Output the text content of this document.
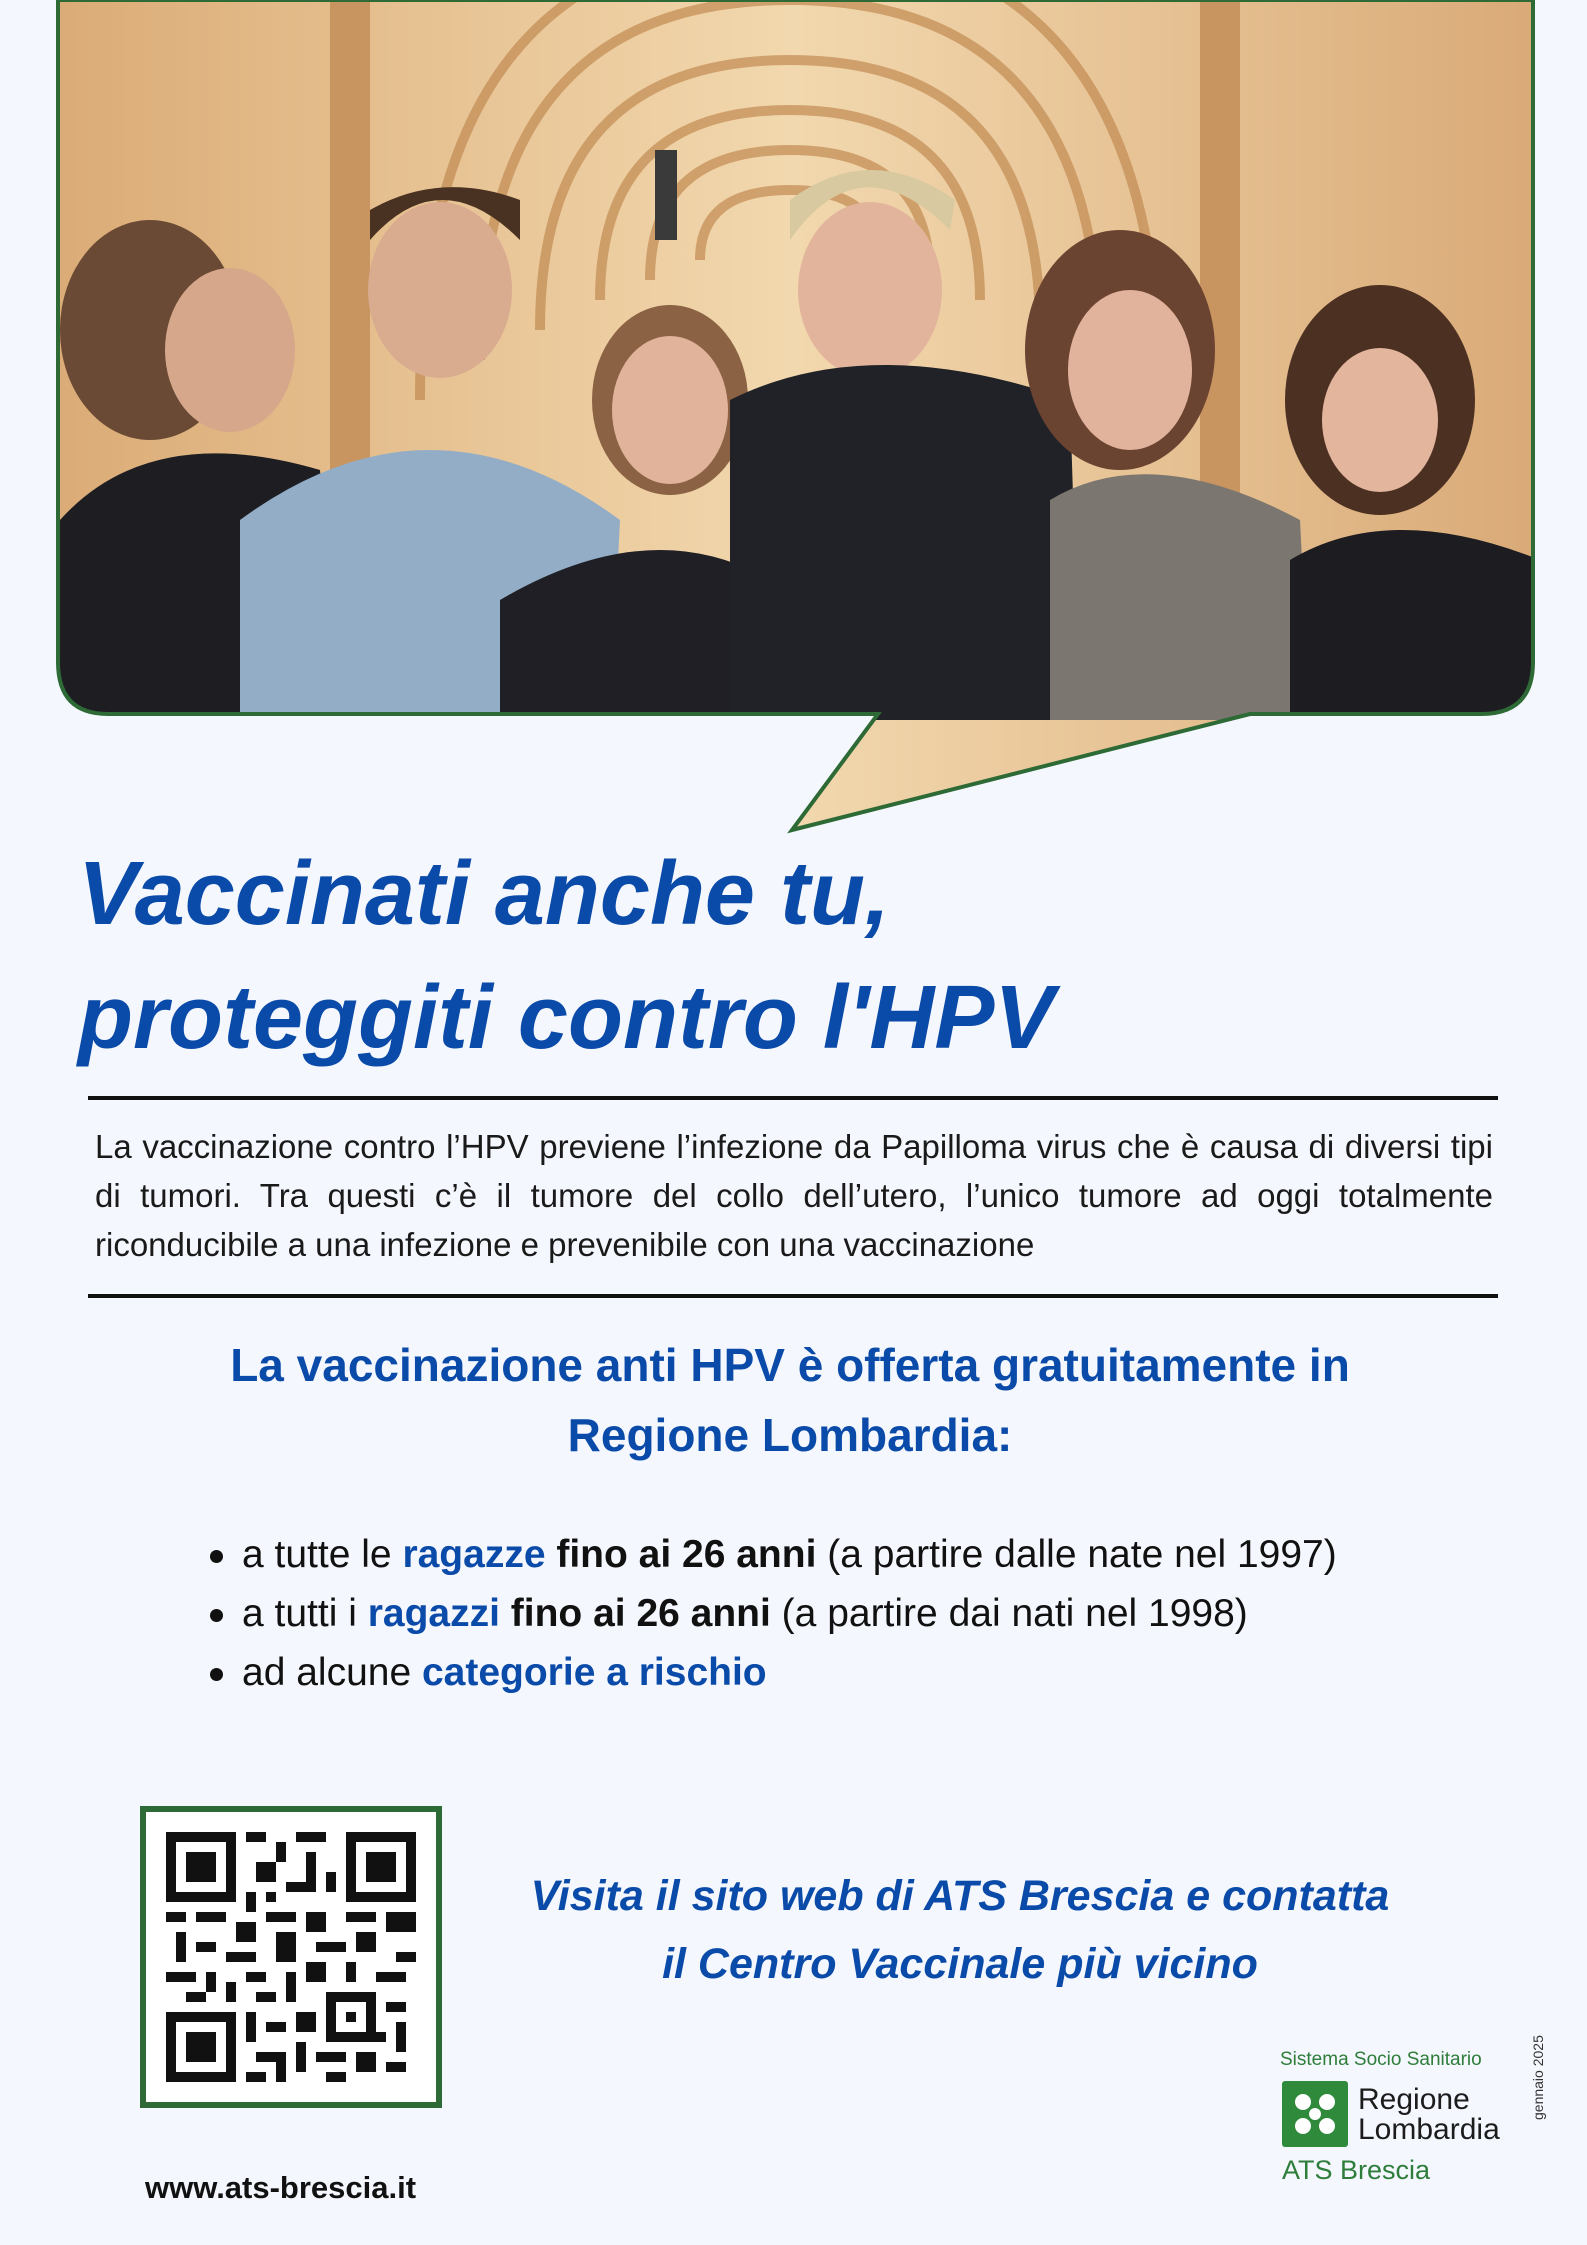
Vaccinati anche tu,
proteggiti contro l'HPV

La vaccinazione contro l’HPV previene l’infezione da Papilloma virus che è causa di diversi tipi di tumori. Tra questi c’è il tumore del collo dell’utero, l’unico tumore ad oggi totalmente riconducibile a una infezione e prevenibile con una vaccinazione

La vaccinazione anti HPV è offerta gratuitamente in
Regione Lombardia:

a tutte le ragazze fino ai 26 anni (a partire dalle nate nel 1997)
a tutti i ragazzi fino ai 26 anni (a partire dai nati nel 1998)
ad alcune categorie a rischio

Visita il sito web di ATS Brescia e contatta
il Centro Vaccinale più vicino

www.ats-brescia.it
Sistema Socio Sanitario
Regione
Lombardia
ATS Brescia
gennaio 2025
